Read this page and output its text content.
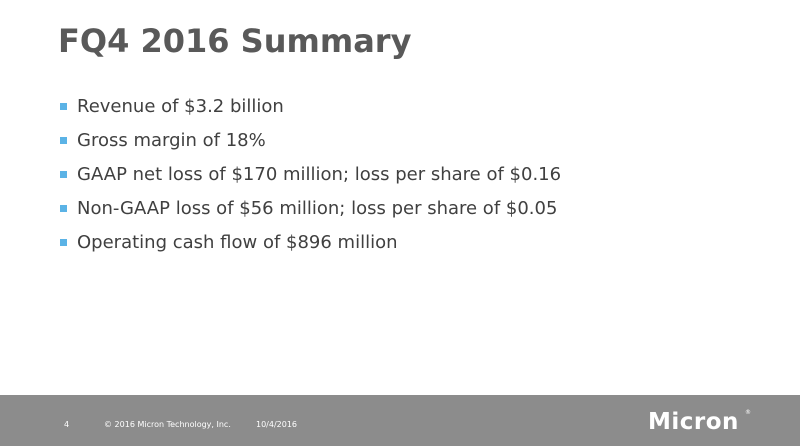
FQ4 2016 Summary
Revenue of $3.2 billion
Gross margin of 18%
GAAP net loss of $170 million; loss per share of $0.16
Non-GAAP loss of $56 million; loss per share of $0.05
Operating cash flow of $896 million
4	© 2016 Micron Technology, Inc.	10/4/2016	Micron ®
